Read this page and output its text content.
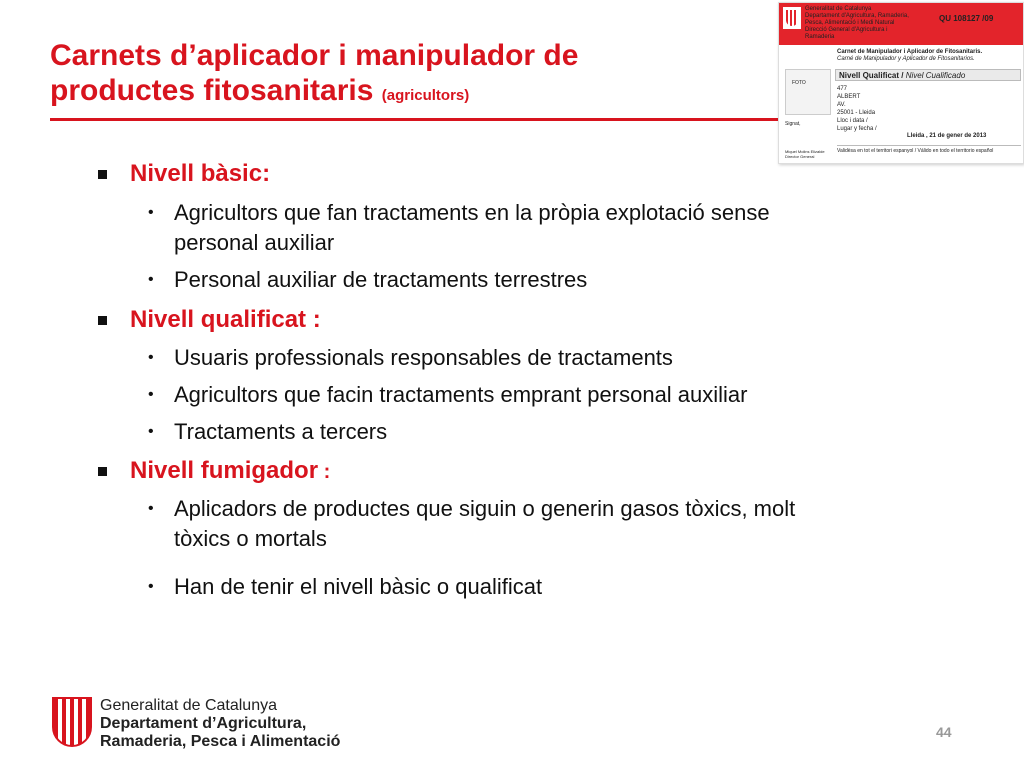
Carnets d’aplicador i manipulador de
productes fitosanitaris (agricultors)
Generalitat de Catalunya
Departament d'Agricultura, Ramaderia,
Pesca, Alimentació i Medi Natural
Direcció General d'Agricultura i
Ramaderia
QU 108127 /09
Carnet de Manipulador i Aplicador de Fitosanitaris.
Carné de Manipulador y Aplicador de Fitosanitarios.
FOTO
Nivell Qualificat / Nivel Cualificado
477
ALBERT
AV.
25001 - Lleida
Lloc i data /
Lugar y fecha /
Signat,
Lleida , 21 de gener de 2013
Validèsa en tot el territori espanyol / Válido en todo el territorio español
Miquel Molins Elizalde
Director General
Nivell bàsic:
• Agricultors que fan tractaments en la pròpia explotació sense
personal auxiliar
• Personal auxiliar de tractaments terrestres
Nivell qualificat :
• Usuaris professionals responsables de tractaments
• Agricultors que facin tractaments emprant personal auxiliar
• Tractaments a tercers
Nivell fumigador :
• Aplicadors de productes que siguin o generin gasos tòxics, molt
tòxics o mortals
• Han de tenir el nivell bàsic o qualificat
Generalitat de Catalunya
Departament d’Agricultura,
Ramaderia, Pesca i Alimentació
44
